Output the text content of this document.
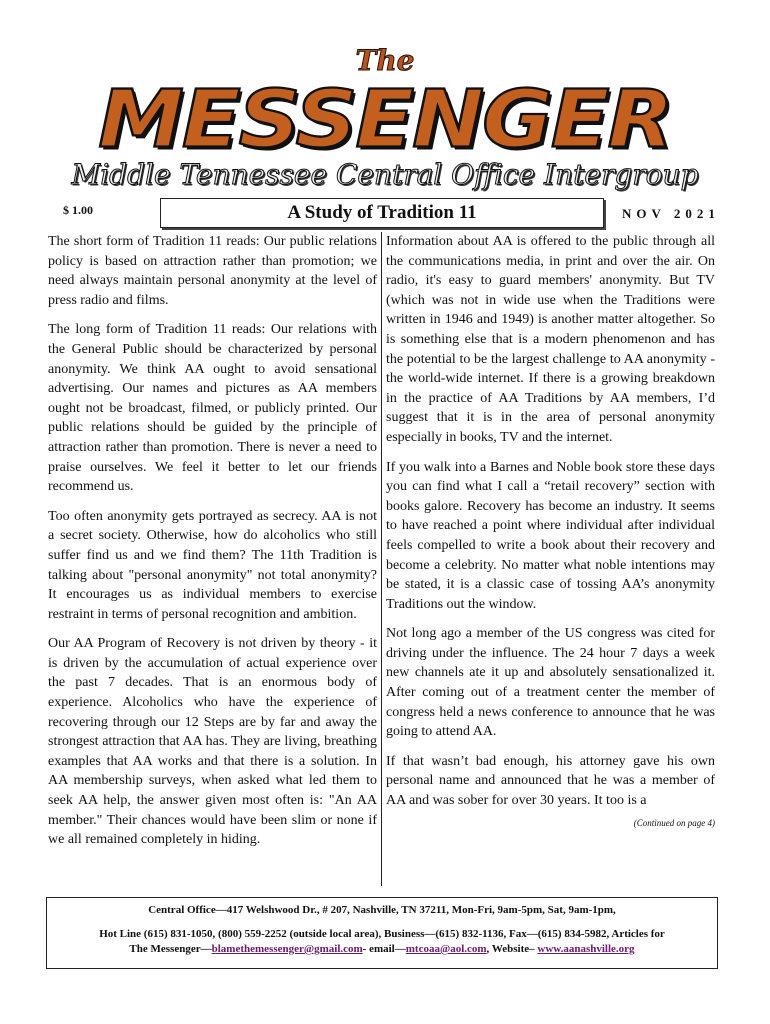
The
MESSENGER
Middle Tennessee Central Office Intergroup
$ 1.00	A Study of Tradition 11	NOV 2021

The short form of Tradition 11 reads: Our public relations policy is based on attraction rather than promotion; we need always maintain personal anonymity at the level of press radio and films.

The long form of Tradition 11 reads: Our relations with the General Public should be characterized by personal anonymity. We think AA ought to avoid sensational advertising. Our names and pictures as AA members ought not be broadcast, filmed, or publicly printed. Our public relations should be guided by the principle of attraction rather than promotion. There is never a need to praise ourselves. We feel it better to let our friends recommend us.

Too often anonymity gets portrayed as secrecy. AA is not a secret society. Otherwise, how do alcoholics who still suffer find us and we find them? The 11th Tradition is talking about "personal anonymity" not total anonymity? It encourages us as individual members to exercise restraint in terms of personal recognition and ambition.

Our AA Program of Recovery is not driven by theory - it is driven by the accumulation of actual experience over the past 7 decades. That is an enormous body of experience. Alcoholics who have the experience of recovering through our 12 Steps are by far and away the strongest attraction that AA has. They are living, breathing examples that AA works and that there is a solution. In AA membership surveys, when asked what led them to seek AA help, the answer given most often is: "An AA member." Their chances would have been slim or none if we all remained completely in hiding.

Information about AA is offered to the public through all the communications media, in print and over the air. On radio, it's easy to guard members' anonymity. But TV (which was not in wide use when the Traditions were written in 1946 and 1949) is another matter altogether. So is something else that is a modern phenomenon and has the potential to be the largest challenge to AA anonymity - the world-wide internet. If there is a growing breakdown in the practice of AA Traditions by AA members, I’d suggest that it is in the area of personal anonymity especially in books, TV and the internet.

If you walk into a Barnes and Noble book store these days you can find what I call a “retail recovery” section with books galore. Recovery has become an industry. It seems to have reached a point where individual after individual feels compelled to write a book about their recovery and become a celebrity. No matter what noble intentions may be stated, it is a classic case of tossing AA’s anonymity Traditions out the window.

Not long ago a member of the US congress was cited for driving under the influence. The 24 hour 7 days a week new channels ate it up and absolutely sensationalized it. After coming out of a treatment center the member of congress held a news conference to announce that he was going to attend AA.

If that wasn’t bad enough, his attorney gave his own personal name and announced that he was a member of AA and was sober for over 30 years. It too is a

(Continued on page 4)
Central Office—417 Welshwood Dr., # 207, Nashville, TN 37211, Mon-Fri, 9am-5pm, Sat, 9am-1pm,
Hot Line (615) 831-1050, (800) 559-2252 (outside local area), Business—(615) 832-1136, Fax—(615) 834-5982, Articles for
The Messenger—blamethemessenger@gmail.com- email—mtcoaa@aol.com, Website– www.aanashville.org
